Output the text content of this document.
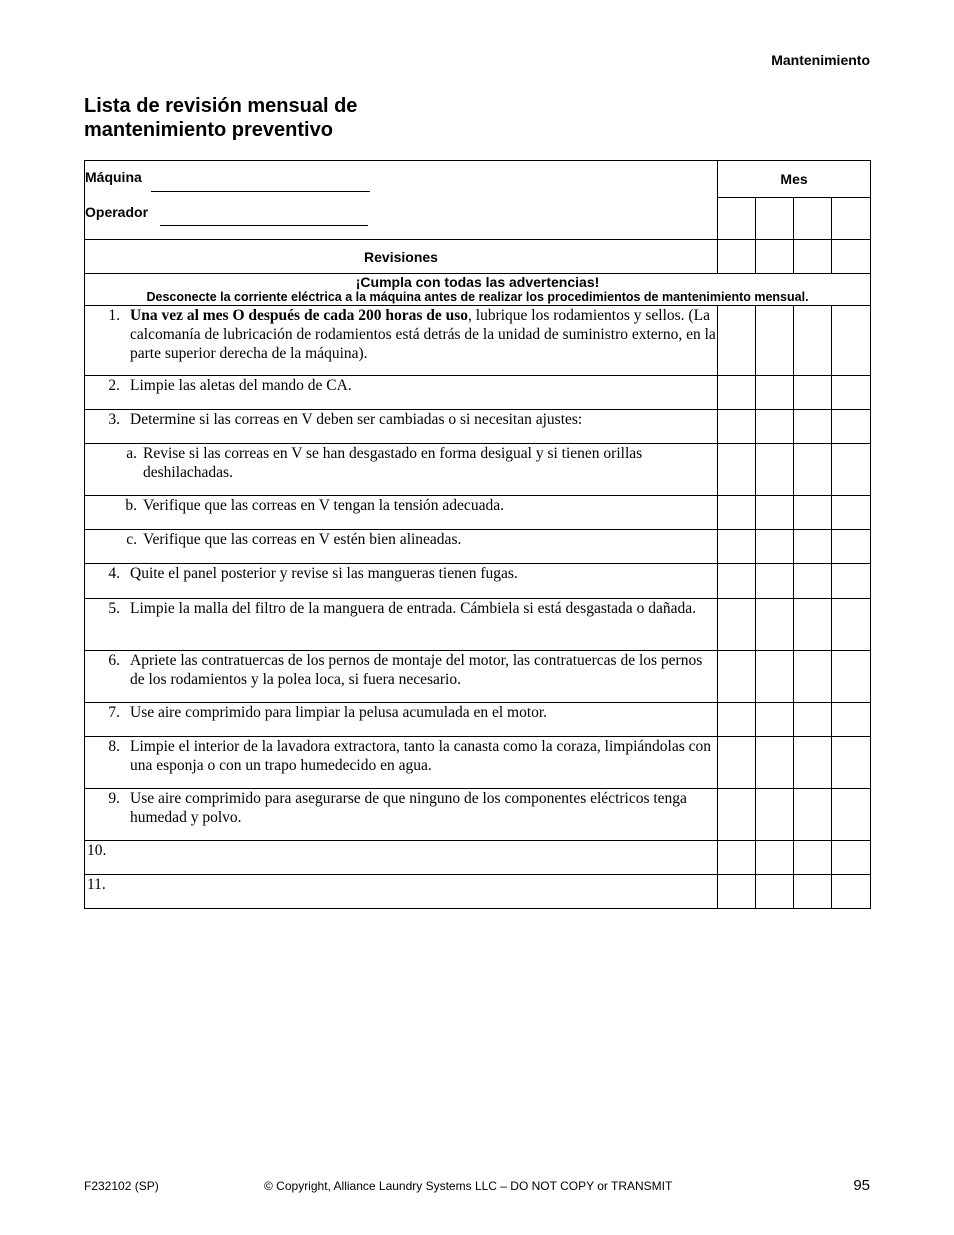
Mantenimiento
Lista de revisión mensual de
mantenimiento preventivo
Máquina
Operador	Mes			

Revisiones				

¡Cumpla con todas las advertencias!
Desconecte la corriente eléctrica a la máquina antes de realizar los procedimientos de mantenimiento mensual.				

1. Una vez al mes O después de cada 200 horas de uso, lubrique los rodamientos y sellos. (La calcomanía de lubricación de rodamientos está detrás de la unidad de suministro externo, en la parte superior derecha de la máquina).				

2. Limpie las aletas del mando de CA.				

3. Determine si las correas en V deben ser cambiadas o si necesitan ajustes:				

a. Revise si las correas en V se han desgastado en forma desigual y si tienen orillas deshilachadas.				

b. Verifique que las correas en V tengan la tensión adecuada.				

c. Verifique que las correas en V estén bien alineadas.				

4. Quite el panel posterior y revise si las mangueras tienen fugas.				

5. Limpie la malla del filtro de la manguera de entrada. Cámbiela si está desgastada o dañada.				

6. Apriete las contratuercas de los pernos de montaje del motor, las contratuercas de los pernos de los rodamientos y la polea loca, si fuera necesario.				

7. Use aire comprimido para limpiar la pelusa acumulada en el motor.				

8. Limpie el interior de la lavadora extractora, tanto la canasta como la coraza, limpiándolas con una esponja o con un trapo humedecido en agua.				

9. Use aire comprimido para asegurarse de que ninguno de los componentes eléctricos tenga humedad y polvo.				

10.				

11.				

F232102 (SP)	© Copyright, Alliance Laundry Systems LLC – DO NOT COPY or TRANSMIT	95
